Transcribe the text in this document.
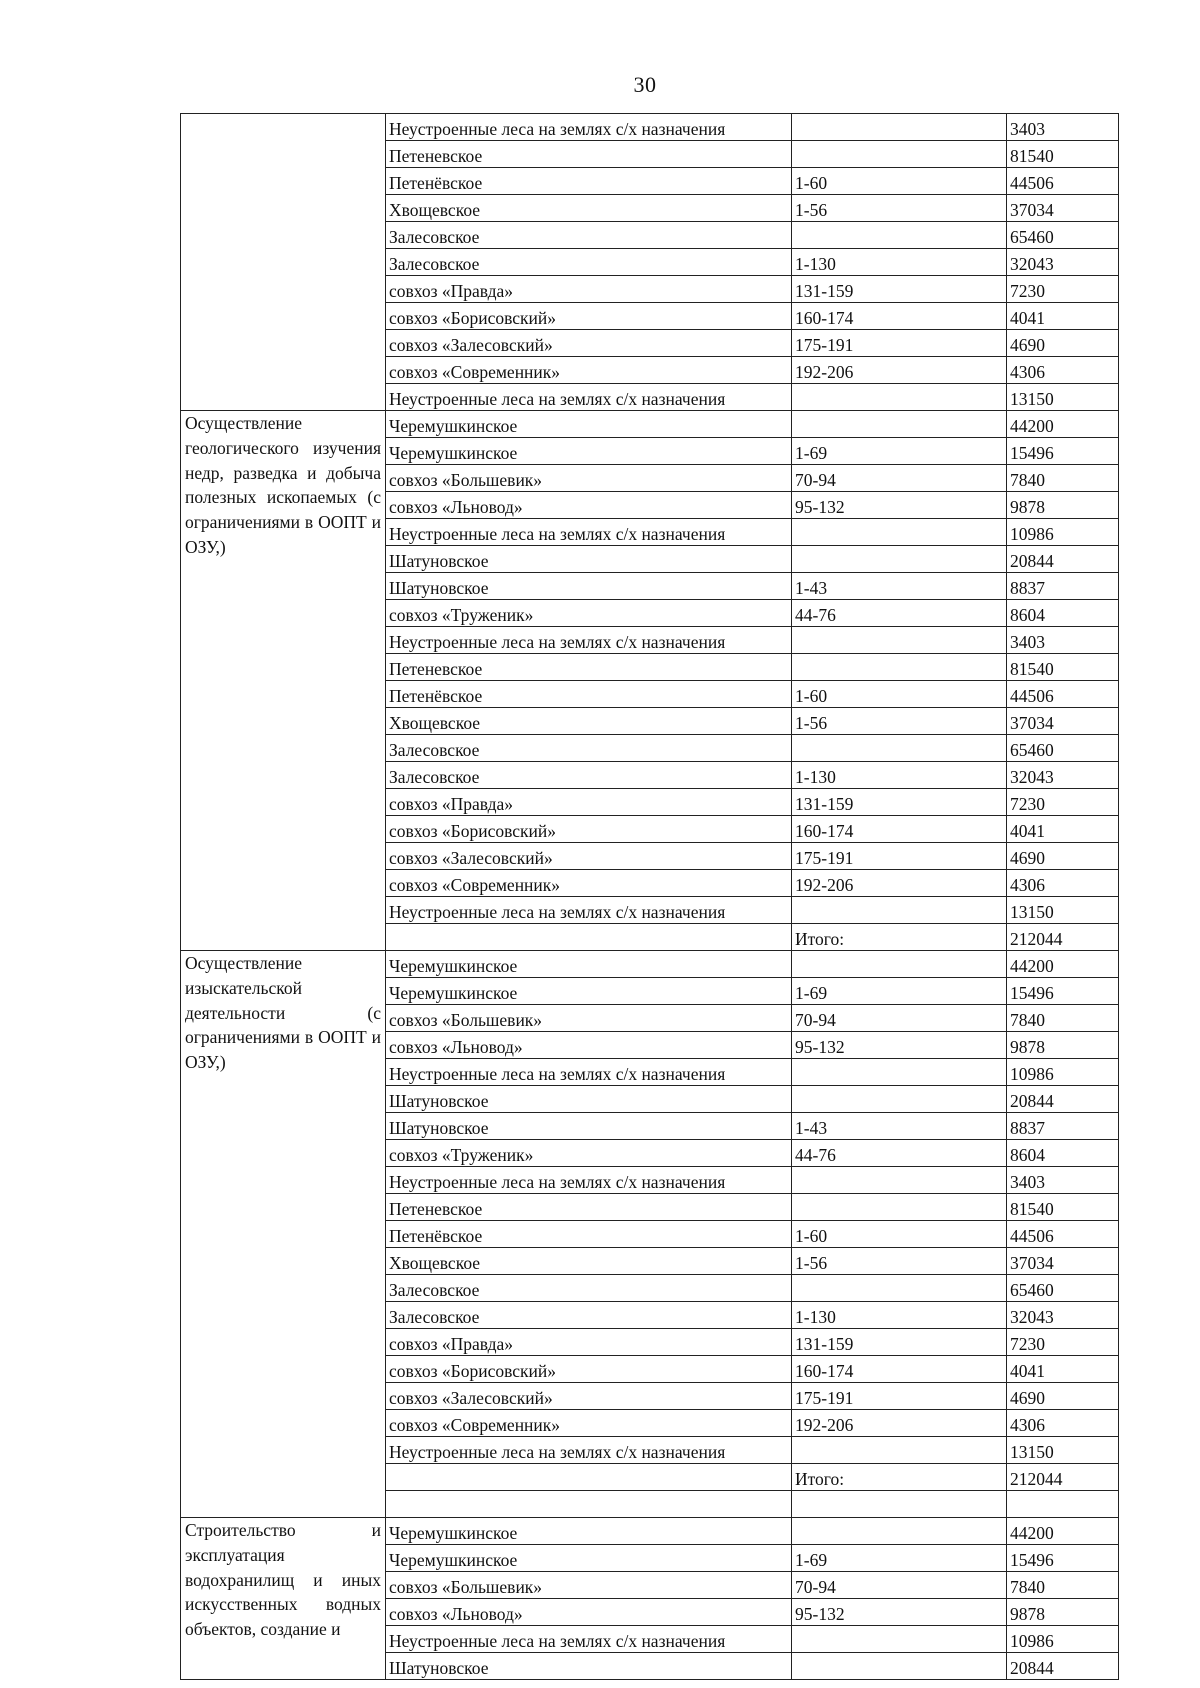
30
	Неустроенные леса на землях с/х назначения		3403
	Петеневское		81540
	Петенёвское	1-60	44506
	Хвощевское	1-56	37034
	Залесовское		65460
	Залесовское	1-130	32043
	совхоз «Правда»	131-159	7230
	совхоз «Борисовский»	160-174	4041
	совхоз «Залесовский»	175-191	4690
	совхоз «Современник»	192-206	4306
	Неустроенные леса на землях с/х назначения		13150
Осуществление геологического изучения недр, разведка и добыча полезных ископаемых (с ограничениями в ООПТ и ОЗУ,)	Черемушкинское		44200
	Черемушкинское	1-69	15496
	совхоз «Большевик»	70-94	7840
	совхоз «Льновод»	95-132	9878
	Неустроенные леса на землях с/х назначения		10986
	Шатуновское		20844
	Шатуновское	1-43	8837
	совхоз «Труженик»	44-76	8604
	Неустроенные леса на землях с/х назначения		3403
	Петеневское		81540
	Петенёвское	1-60	44506
	Хвощевское	1-56	37034
	Залесовское		65460
	Залесовское	1-130	32043
	совхоз «Правда»	131-159	7230
	совхоз «Борисовский»	160-174	4041
	совхоз «Залесовский»	175-191	4690
	совхоз «Современник»	192-206	4306
	Неустроенные леса на землях с/х назначения		13150
		Итого:	212044
Осуществление изыскательской деятельности (с ограничениями в ООПТ и ОЗУ,)	Черемушкинское		44200
	Черемушкинское	1-69	15496
	совхоз «Большевик»	70-94	7840
	совхоз «Льновод»	95-132	9878
	Неустроенные леса на землях с/х назначения		10986
	Шатуновское		20844
	Шатуновское	1-43	8837
	совхоз «Труженик»	44-76	8604
	Неустроенные леса на землях с/х назначения		3403
	Петеневское		81540
	Петенёвское	1-60	44506
	Хвощевское	1-56	37034
	Залесовское		65460
	Залесовское	1-130	32043
	совхоз «Правда»	131-159	7230
	совхоз «Борисовский»	160-174	4041
	совхоз «Залесовский»	175-191	4690
	совхоз «Современник»	192-206	4306
	Неустроенные леса на землях с/х назначения		13150
		Итого:	212044

Строительство и эксплуатация водохранилищ и иных искусственных водных объектов, создание и	Черемушкинское		44200
	Черемушкинское	1-69	15496
	совхоз «Большевик»	70-94	7840
	совхоз «Льновод»	95-132	9878
	Неустроенные леса на землях с/х назначения		10986
	Шатуновское		20844
